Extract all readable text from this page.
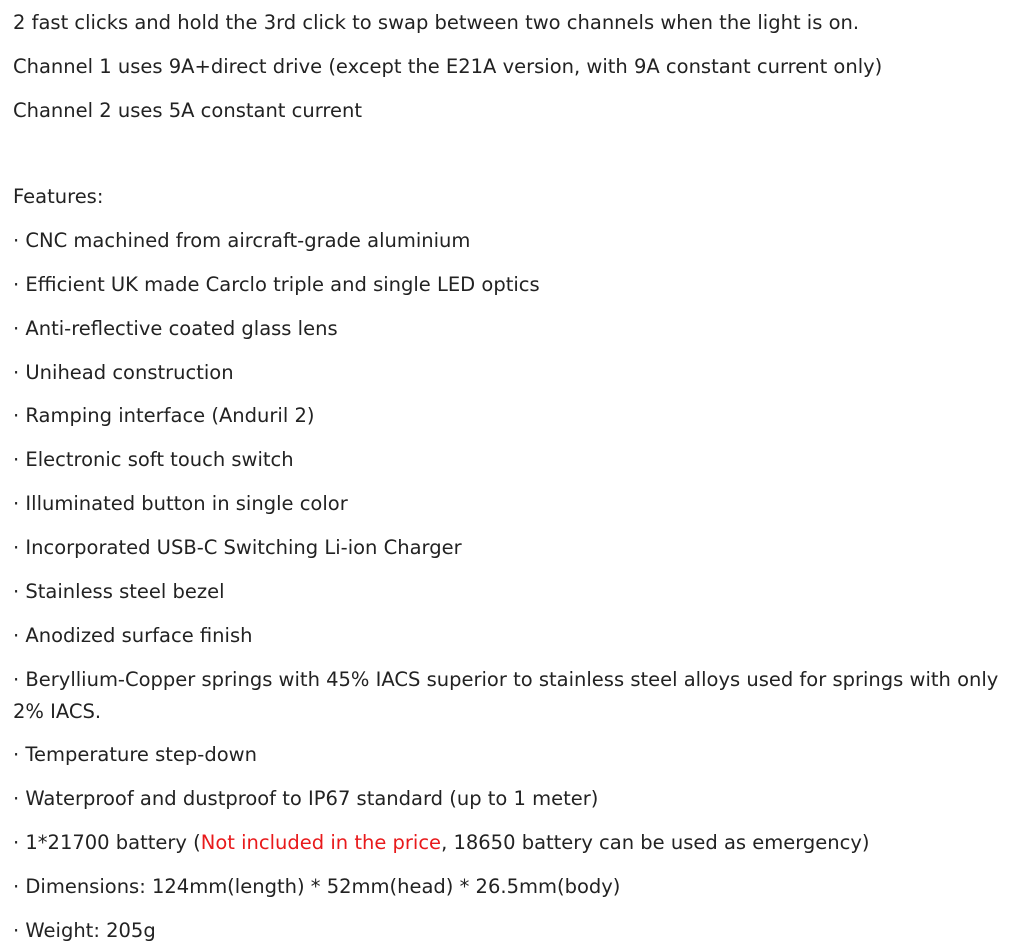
2 fast clicks and hold the 3rd click to swap between two channels when the light is on.

Channel 1 uses 9A+direct drive (except the E21A version, with 9A constant current only)

Channel 2 uses 5A constant current

Features:

· CNC machined from aircraft-grade aluminium

· Efficient UK made Carclo triple and single LED optics

· Anti-reflective coated glass lens

· Unihead construction

· Ramping interface (Anduril 2)

· Electronic soft touch switch

· Illuminated button in single color

· Incorporated USB-C Switching Li-ion Charger

· Stainless steel bezel

· Anodized surface finish

· Beryllium-Copper springs with 45% IACS superior to stainless steel alloys used for springs with only 2% IACS.

· Temperature step-down

· Waterproof and dustproof to IP67 standard (up to 1 meter)

· 1*21700 battery (Not included in the price, 18650 battery can be used as emergency)

· Dimensions: 124mm(length) * 52mm(head) * 26.5mm(body)

· Weight: 205g
